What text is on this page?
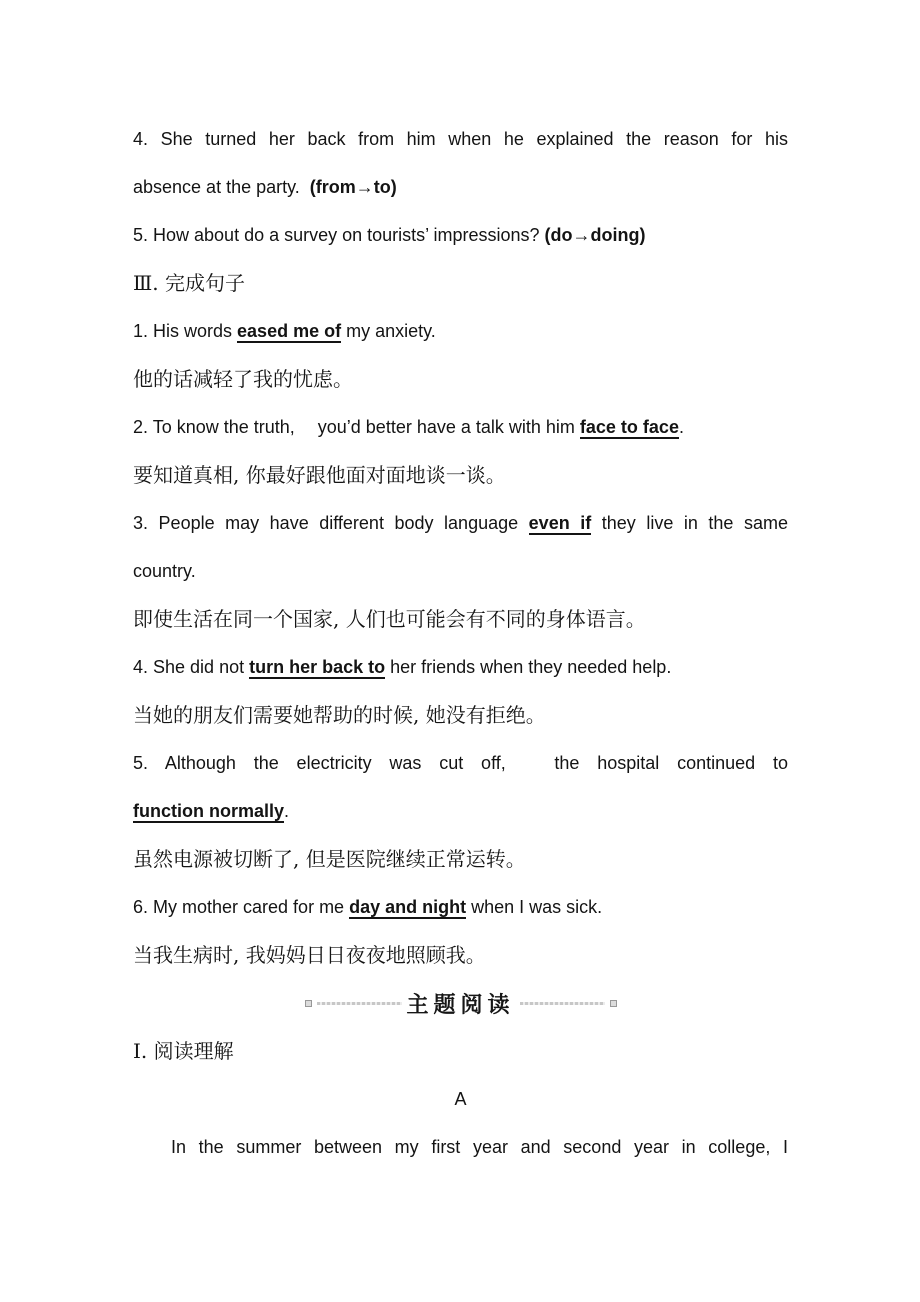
4. She turned her back from him when he explained the reason for his
absence at the party.  (from→to)
5. How about do a survey on tourists’ impressions? (do→doing)
Ⅲ. 完成句子
1. His words eased me of my anxiety.
他的话减轻了我的忧虑。
2. To know the truth, 　you’d better have a talk with him face to face.
要知道真相, 你最好跟他面对面地谈一谈。
3. People may have different body language even if they live in the same
country.
即使生活在同一个国家, 人们也可能会有不同的身体语言。
4. She did not turn her back to her friends when they needed help.
当她的朋友们需要她帮助的时候, 她没有拒绝。
5. Although the electricity was cut off, 　the hospital continued to
function normally.
虽然电源被切断了, 但是医院继续正常运转。
6. My mother cared for me day and night when I was sick.
当我生病时, 我妈妈日日夜夜地照顾我。
主题阅读
Ⅰ. 阅读理解
A
In the summer between my first year and second year in college, I
